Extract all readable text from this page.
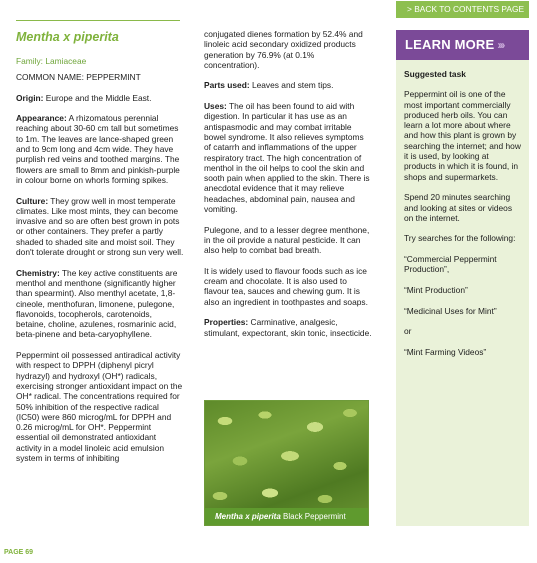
Mentha x piperita

Family: Lamiaceae

COMMON NAME: PEPPERMINT

Origin: Europe and the Middle East.

Appearance: A rhizomatous perennial reaching about 30-60 cm tall but sometimes to 1m. The leaves are lance-shaped green and to 9cm long and 4cm wide. They have purplish red veins and toothed margins. The flowers are small to 8mm and pinkish-purple in colour borne on whorls forming spikes.

Culture: They grow well in most temperate climates. Like most mints, they can become invasive and so are often best grown in pots or other containers. They prefer a partly shaded to shaded site and moist soil. They don't tolerate drought or strong sun very well.

Chemistry: The key active constituents are menthol and menthone (significantly higher than spearmint). Also menthyl acetate, 1,8-cineole, menthofuran, limonene, pulegone, flavonoids, tocopherols, carotenoids, betaine, choline, azulenes, rosmarinic acid, beta-pinene and beta-caryophyllene.

Peppermint oil possessed antiradical activity with respect to DPPH (diphenyl picryl hydrazyl) and hydroxyl (OH*) radicals, exercising stronger antioxidant impact on the OH* radical. The concentrations required for 50% inhibition of the respective radical (IC50) were 860 microg/mL for DPPH and 0.26 microg/mL for OH*. Peppermint essential oil demonstrated antioxidant activity in a model linoleic acid emulsion system in terms of inhibiting

conjugated dienes formation by 52.4% and linoleic acid secondary oxidized products generation by 76.9% (at 0.1% concentration).

Parts used: Leaves and stem tips.

Uses: The oil has been found to aid with digestion. In particular it has use as an antispasmodic and may combat irritable bowel syndrome. It also relieves symptoms of catarrh and inflammations of the upper respiratory tract. The high concentration of menthol in the oil helps to cool the skin and sooth pain when applied to the skin. There is anecdotal evidence that it may relieve headaches, abdominal pain, nausea and vomiting.

Pulegone, and to a lesser degree menthone, in the oil provide a natural pesticide. It can also help to combat bad breath.

It is widely used to flavour foods such as ice cream and chocolate. It is also used to flavour tea, sauces and chewing gum. It is also an ingredient in toothpastes and soaps.

Properties: Carminative, analgesic, stimulant, expectorant, skin tonic, insecticide.

Mentha x piperita Black Peppermint
> BACK TO CONTENTS PAGE
LEARN MORE ›››

Suggested task

Peppermint oil is one of the most important commercially produced herb oils. You can learn a lot more about where and how this plant is grown by searching the internet; and how it is used, by looking at products in which it is found, in shops and supermarkets.

Spend 20 minutes searching and looking at sites or videos on the internet.

Try searches for the following:

“Commercial Peppermint Production”,

“Mint Production”

“Medicinal Uses for Mint”

or

“Mint Farming Videos”

PAGE 69
